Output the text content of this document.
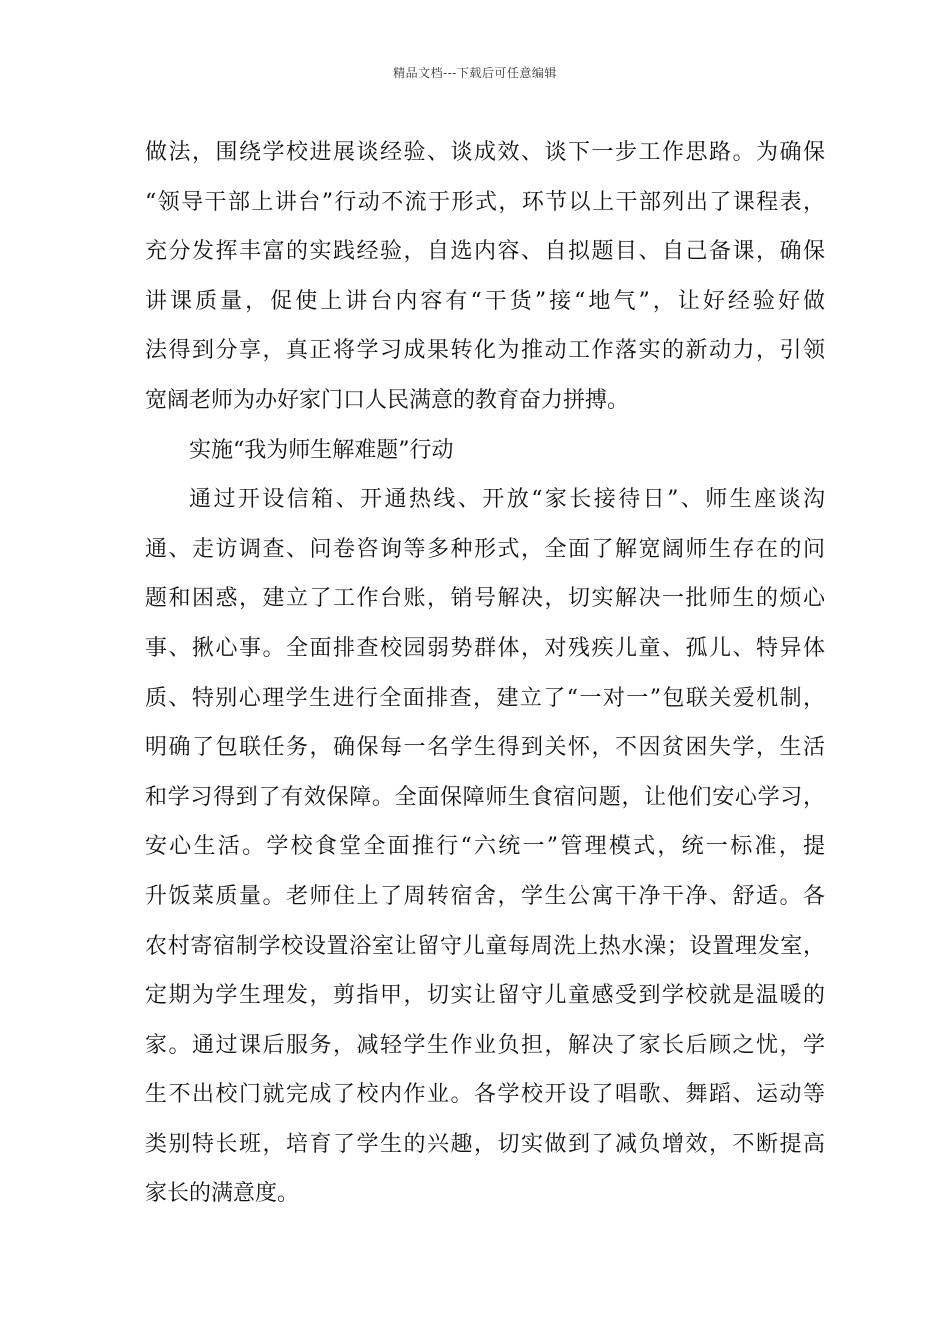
精品文档---下载后可任意编辑
做法，围绕学校进展谈经验、谈成效、谈下一步工作思路。为确保
“领导干部上讲台”行动不流于形式，环节以上干部列出了课程表，
充分发挥丰富的实践经验，自选内容、自拟题目、自己备课，确保
讲课质量，促使上讲台内容有“干货”接“地气”，让好经验好做
法得到分享，真正将学习成果转化为推动工作落实的新动力，引领
宽阔老师为办好家门口人民满意的教育奋力拼搏。
实施“我为师生解难题”行动
通过开设信箱、开通热线、开放“家长接待日”、师生座谈沟
通、走访调查、问卷咨询等多种形式，全面了解宽阔师生存在的问
题和困惑，建立了工作台账，销号解决，切实解决一批师生的烦心
事、揪心事。全面排查校园弱势群体，对残疾儿童、孤儿、特异体
质、特别心理学生进行全面排查，建立了“一对一”包联关爱机制，
明确了包联任务，确保每一名学生得到关怀，不因贫困失学，生活
和学习得到了有效保障。全面保障师生食宿问题，让他们安心学习，
安心生活。学校食堂全面推行“六统一”管理模式，统一标准，提
升饭菜质量。老师住上了周转宿舍，学生公寓干净干净、舒适。各
农村寄宿制学校设置浴室让留守儿童每周洗上热水澡；设置理发室，
定期为学生理发，剪指甲，切实让留守儿童感受到学校就是温暖的
家。通过课后服务，减轻学生作业负担，解决了家长后顾之忧，学
生不出校门就完成了校内作业。各学校开设了唱歌、舞蹈、运动等
类别特长班，培育了学生的兴趣，切实做到了减负增效，不断提高
家长的满意度。
